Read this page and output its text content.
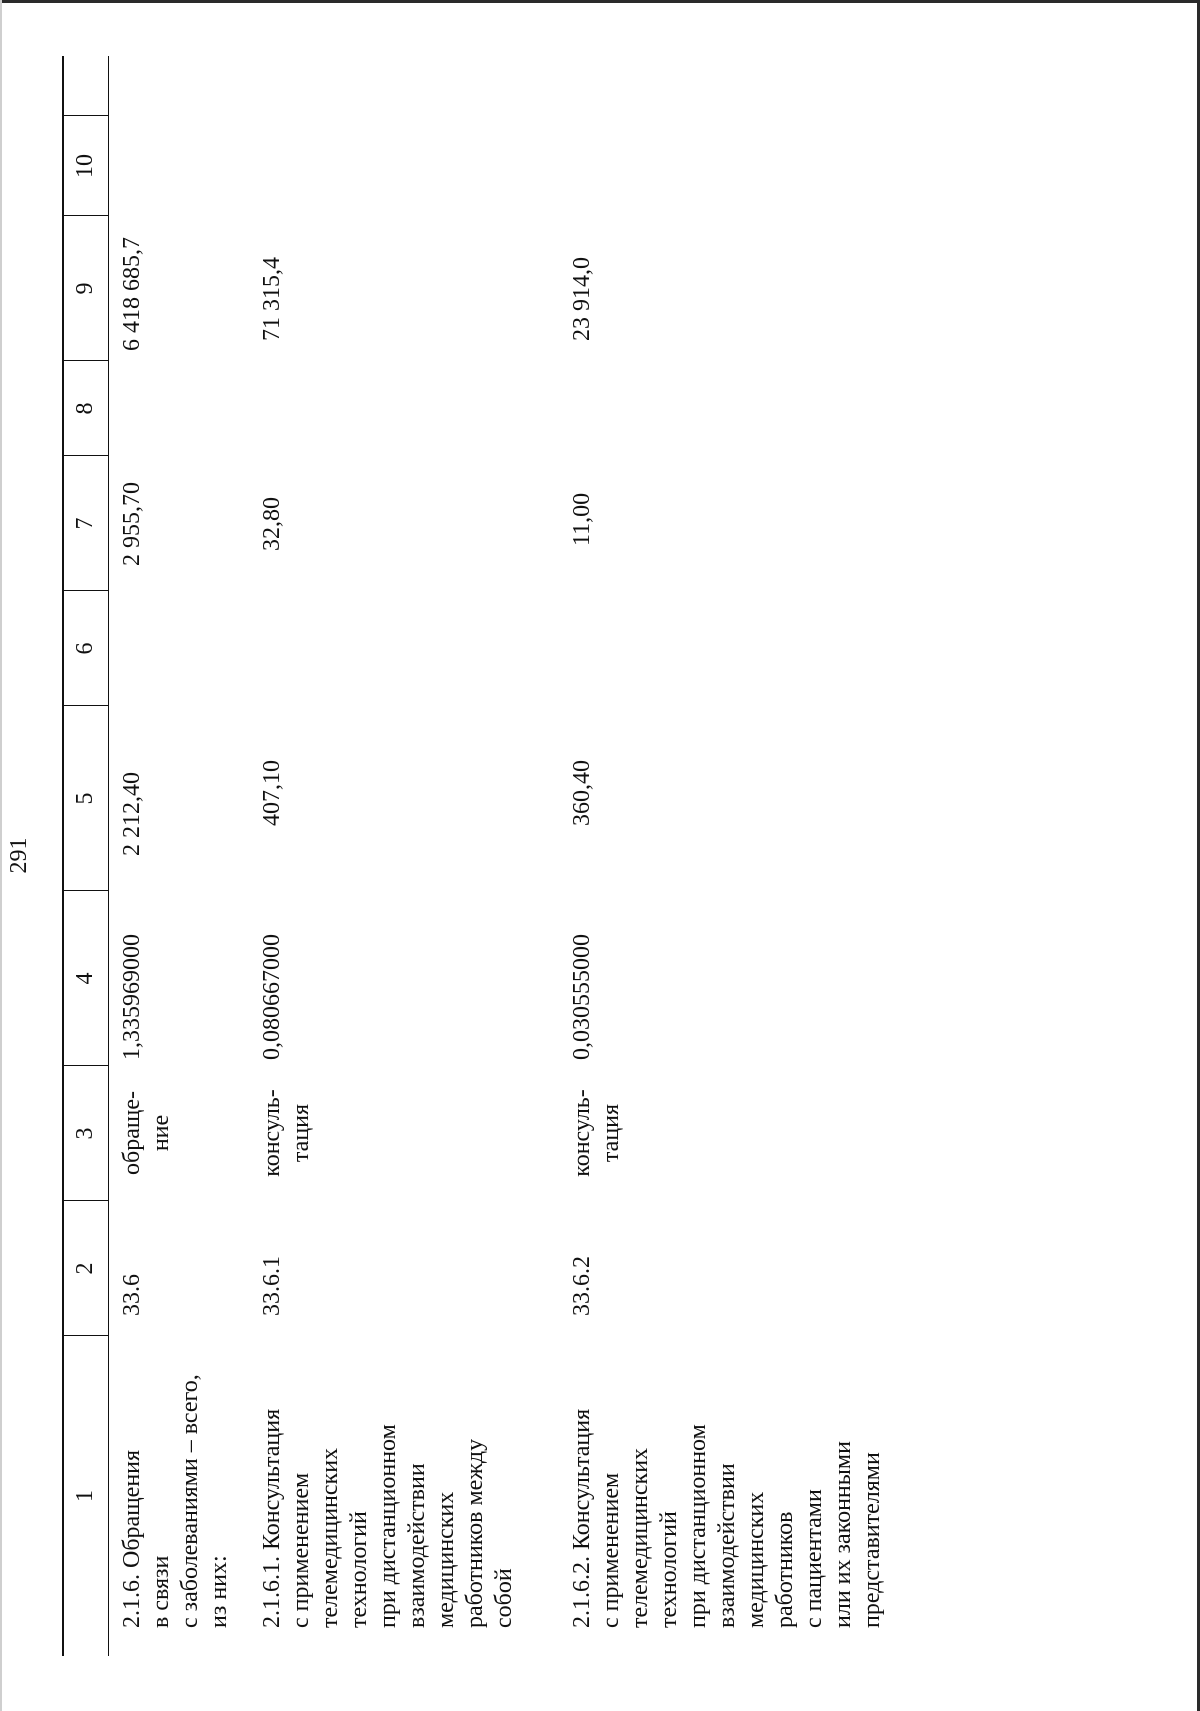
291
1
2
3
4
5
6
7
8
9
10
2.1.6. Обращения
в связи
с заболеваниями – всего,
из них:
33.6
обраще-
ние
1,335969000
2 212,40
2 955,70
6 418 685,7
2.1.6.1. Консультация
с применением
телемедицинских
технологий
при дистанционном
взаимодействии
медицинских
работников между
собой
33.6.1
консуль-
тация
0,080667000
407,10
32,80
71 315,4
2.1.6.2. Консультация
с применением
телемедицинских
технологий
при дистанционном
взаимодействии
медицинских
работников
с пациентами
или их законными
представителями
33.6.2
консуль-
тация
0,030555000
360,40
11,00
23 914,0
